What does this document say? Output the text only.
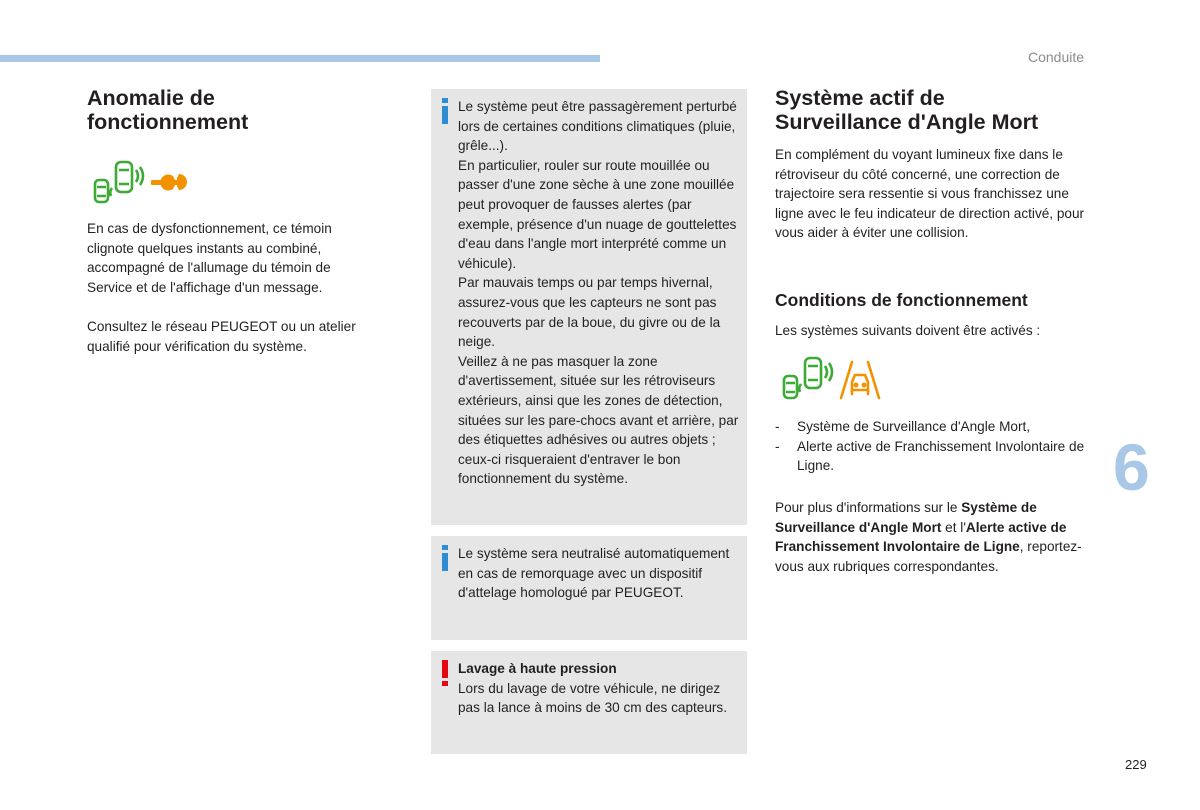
Conduite
Anomalie de
fonctionnement

En cas de dysfonctionnement, ce témoin clignote quelques instants au combiné, accompagné de l'allumage du témoin de Service et de l'affichage d'un message.

Consultez le réseau PEUGEOT ou un atelier qualifié pour vérification du système.

Le système peut être passagèrement perturbé lors de certaines conditions climatiques (pluie, grêle...).
En particulier, rouler sur route mouillée ou passer d'une zone sèche à une zone mouillée peut provoquer de fausses alertes (par exemple, présence d'un nuage de gouttelettes d'eau dans l'angle mort interprété comme un véhicule).
Par mauvais temps ou par temps hivernal, assurez-vous que les capteurs ne sont pas recouverts par de la boue, du givre ou de la neige.
Veillez à ne pas masquer la zone d'avertissement, située sur les rétroviseurs extérieurs, ainsi que les zones de détection, situées sur les pare-chocs avant et arrière, par des étiquettes adhésives ou autres objets ; ceux-ci risqueraient d'entraver le bon fonctionnement du système.
Le système sera neutralisé automatiquement en cas de remorquage avec un dispositif d'attelage homologué par PEUGEOT.
Lavage à haute pression
Lors du lavage de votre véhicule, ne dirigez pas la lance à moins de 30 cm des capteurs.
Système actif de
Surveillance d'Angle Mort

En complément du voyant lumineux fixe dans le rétroviseur du côté concerné, une correction de trajectoire sera ressentie si vous franchissez une ligne avec le feu indicateur de direction activé, pour vous aider à éviter une collision.

Conditions de fonctionnement

Les systèmes suivants doivent être activés :

- Système de Surveillance d'Angle Mort,
- Alerte active de Franchissement Involontaire de Ligne.

Pour plus d'informations sur le Système de Surveillance d'Angle Mort et l'Alerte active de Franchissement Involontaire de Ligne, reportez-vous aux rubriques correspondantes.

6
229
